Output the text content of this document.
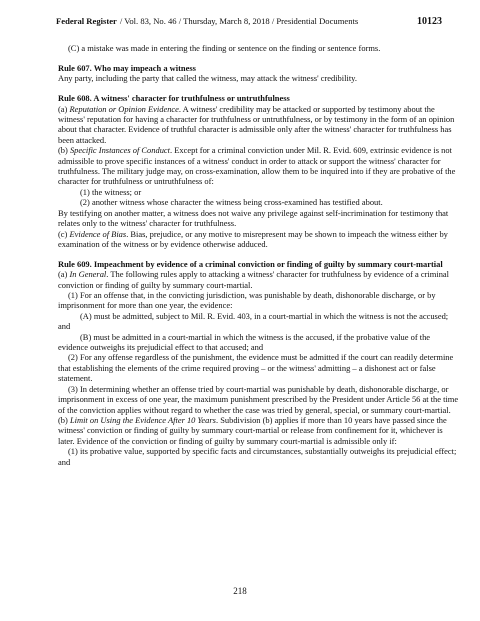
Federal Register / Vol. 83, No. 46 / Thursday, March 8, 2018 / Presidential Documents	10123

(C) a mistake was made in entering the finding or sentence on the finding or sentence forms.

Rule 607. Who may impeach a witness

Any party, including the party that called the witness, may attack the witness' credibility.

Rule 608. A witness' character for truthfulness or untruthfulness

(a) Reputation or Opinion Evidence. A witness' credibility may be attacked or supported by testimony about the witness' reputation for having a character for truthfulness or untruthfulness, or by testimony in the form of an opinion about that character. Evidence of truthful character is admissible only after the witness' character for truthfulness has been attacked.

(b) Specific Instances of Conduct. Except for a criminal conviction under Mil. R. Evid. 609, extrinsic evidence is not admissible to prove specific instances of a witness' conduct in order to attack or support the witness' character for truthfulness. The military judge may, on cross-examination, allow them to be inquired into if they are probative of the character for truthfulness or untruthfulness of:

(1) the witness; or

(2) another witness whose character the witness being cross-examined has testified about.

By testifying on another matter, a witness does not waive any privilege against self-incrimination for testimony that relates only to the witness' character for truthfulness.

(c) Evidence of Bias. Bias, prejudice, or any motive to misrepresent may be shown to impeach the witness either by examination of the witness or by evidence otherwise adduced.

Rule 609. Impeachment by evidence of a criminal conviction or finding of guilty by summary court-martial

(a) In General. The following rules apply to attacking a witness' character for truthfulness by evidence of a criminal conviction or finding of guilty by summary court-martial.

(1) For an offense that, in the convicting jurisdiction, was punishable by death, dishonorable discharge, or by imprisonment for more than one year, the evidence:

(A) must be admitted, subject to Mil. R. Evid. 403, in a court-martial in which the witness is not the accused; and

(B) must be admitted in a court-martial in which the witness is the accused, if the probative value of the evidence outweighs its prejudicial effect to that accused; and

(2) For any offense regardless of the punishment, the evidence must be admitted if the court can readily determine that establishing the elements of the crime required proving – or the witness' admitting – a dishonest act or false statement.

(3) In determining whether an offense tried by court-martial was punishable by death, dishonorable discharge, or imprisonment in excess of one year, the maximum punishment prescribed by the President under Article 56 at the time of the conviction applies without regard to whether the case was tried by general, special, or summary court-martial.

(b) Limit on Using the Evidence After 10 Years. Subdivision (b) applies if more than 10 years have passed since the witness' conviction or finding of guilty by summary court-martial or release from confinement for it, whichever is later. Evidence of the conviction or finding of guilty by summary court-martial is admissible only if:

(1) its probative value, supported by specific facts and circumstances, substantially outweighs its prejudicial effect; and

218
